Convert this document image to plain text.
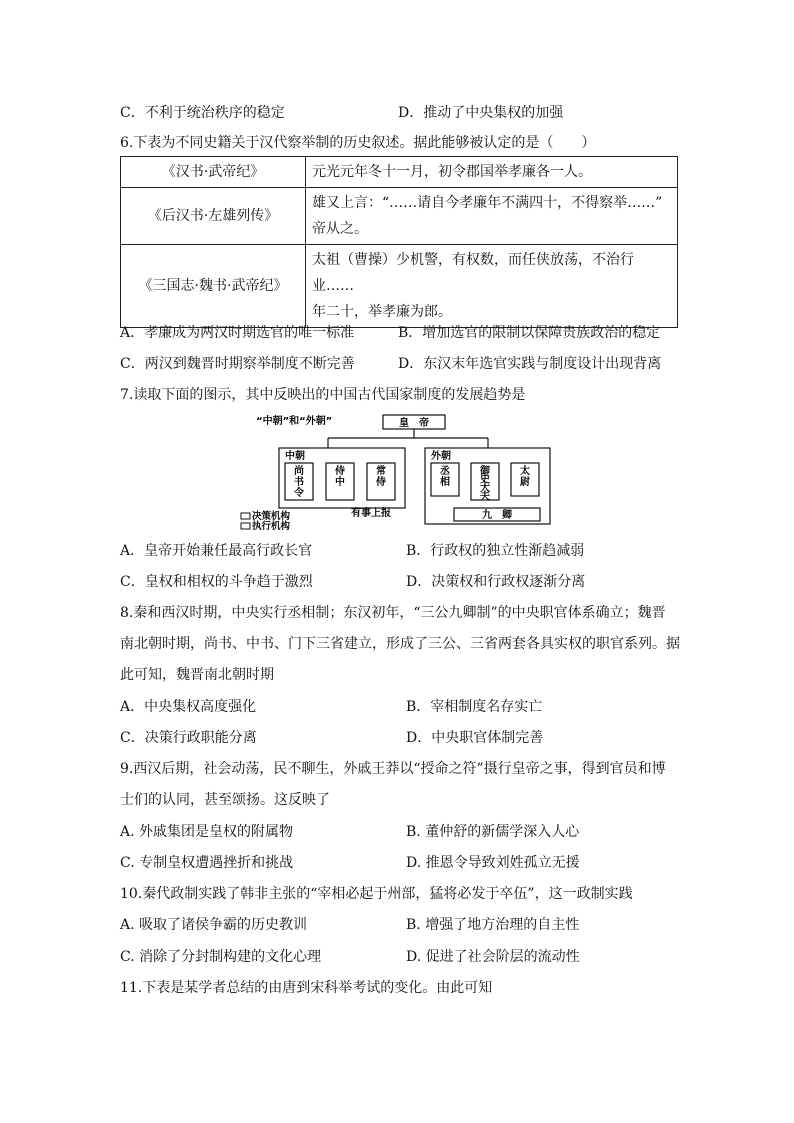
C．不利于统治秩序的稳定	D．推动了中央集权的加强
6.下表为不同史籍关于汉代察举制的历史叙述。据此能够被认定的是（　　）
《汉书·武帝纪》	元光元年冬十一月，初令郡国举孝廉各一人。

《后汉书·左雄列传》	雄又上言：“……请自今孝廉年不满四十，不得察举……”
帝从之。

《三国志·魏书·武帝纪》	太祖（曹操）少机警，有权数，而任侠放荡，不治行业……
年二十，举孝廉为郎。
A．孝廉成为两汉时期选官的唯一标准	B．增加选官的限制以保障贵族政治的稳定
C．两汉到魏晋时期察举制度不断完善	D．东汉末年选官实践与制度设计出现背离
7.读取下面的图示，其中反映出的中国古代国家制度的发展趋势是
“中朝”和“外朝”	皇　帝
中朝
尚书令
侍中
常侍
外朝
丞相
御史大夫
太尉
九　卿
有事上报
决策机构
执行机构
A．皇帝开始兼任最高行政长官	B．行政权的独立性渐趋减弱
C．皇权和相权的斗争趋于激烈	D．决策权和行政权逐渐分离
8.秦和西汉时期，中央实行丞相制；东汉初年，“三公九卿制”的中央职官体系确立；魏晋
南北朝时期，尚书、中书、门下三省建立，形成了三公、三省两套各具实权的职官系列。据
此可知，魏晋南北朝时期
A．中央集权高度强化	B．宰相制度名存实亡
C．决策行政职能分离	D．中央职官体制完善
9.西汉后期，社会动荡，民不聊生，外戚王莽以“授命之符”摄行皇帝之事，得到官员和博
士们的认同，甚至颂扬。这反映了
A. 外戚集团是皇权的附属物	B. 董仲舒的新儒学深入人心
C. 专制皇权遭遇挫折和挑战	D. 推恩令导致刘姓孤立无援
10.秦代政制实践了韩非主张的“宰相必起于州部，猛将必发于卒伍”，这一政制实践
A. 吸取了诸侯争霸的历史教训	B. 增强了地方治理的自主性
C. 消除了分封制构建的文化心理	D. 促进了社会阶层的流动性
11.下表是某学者总结的由唐到宋科举考试的变化。由此可知
